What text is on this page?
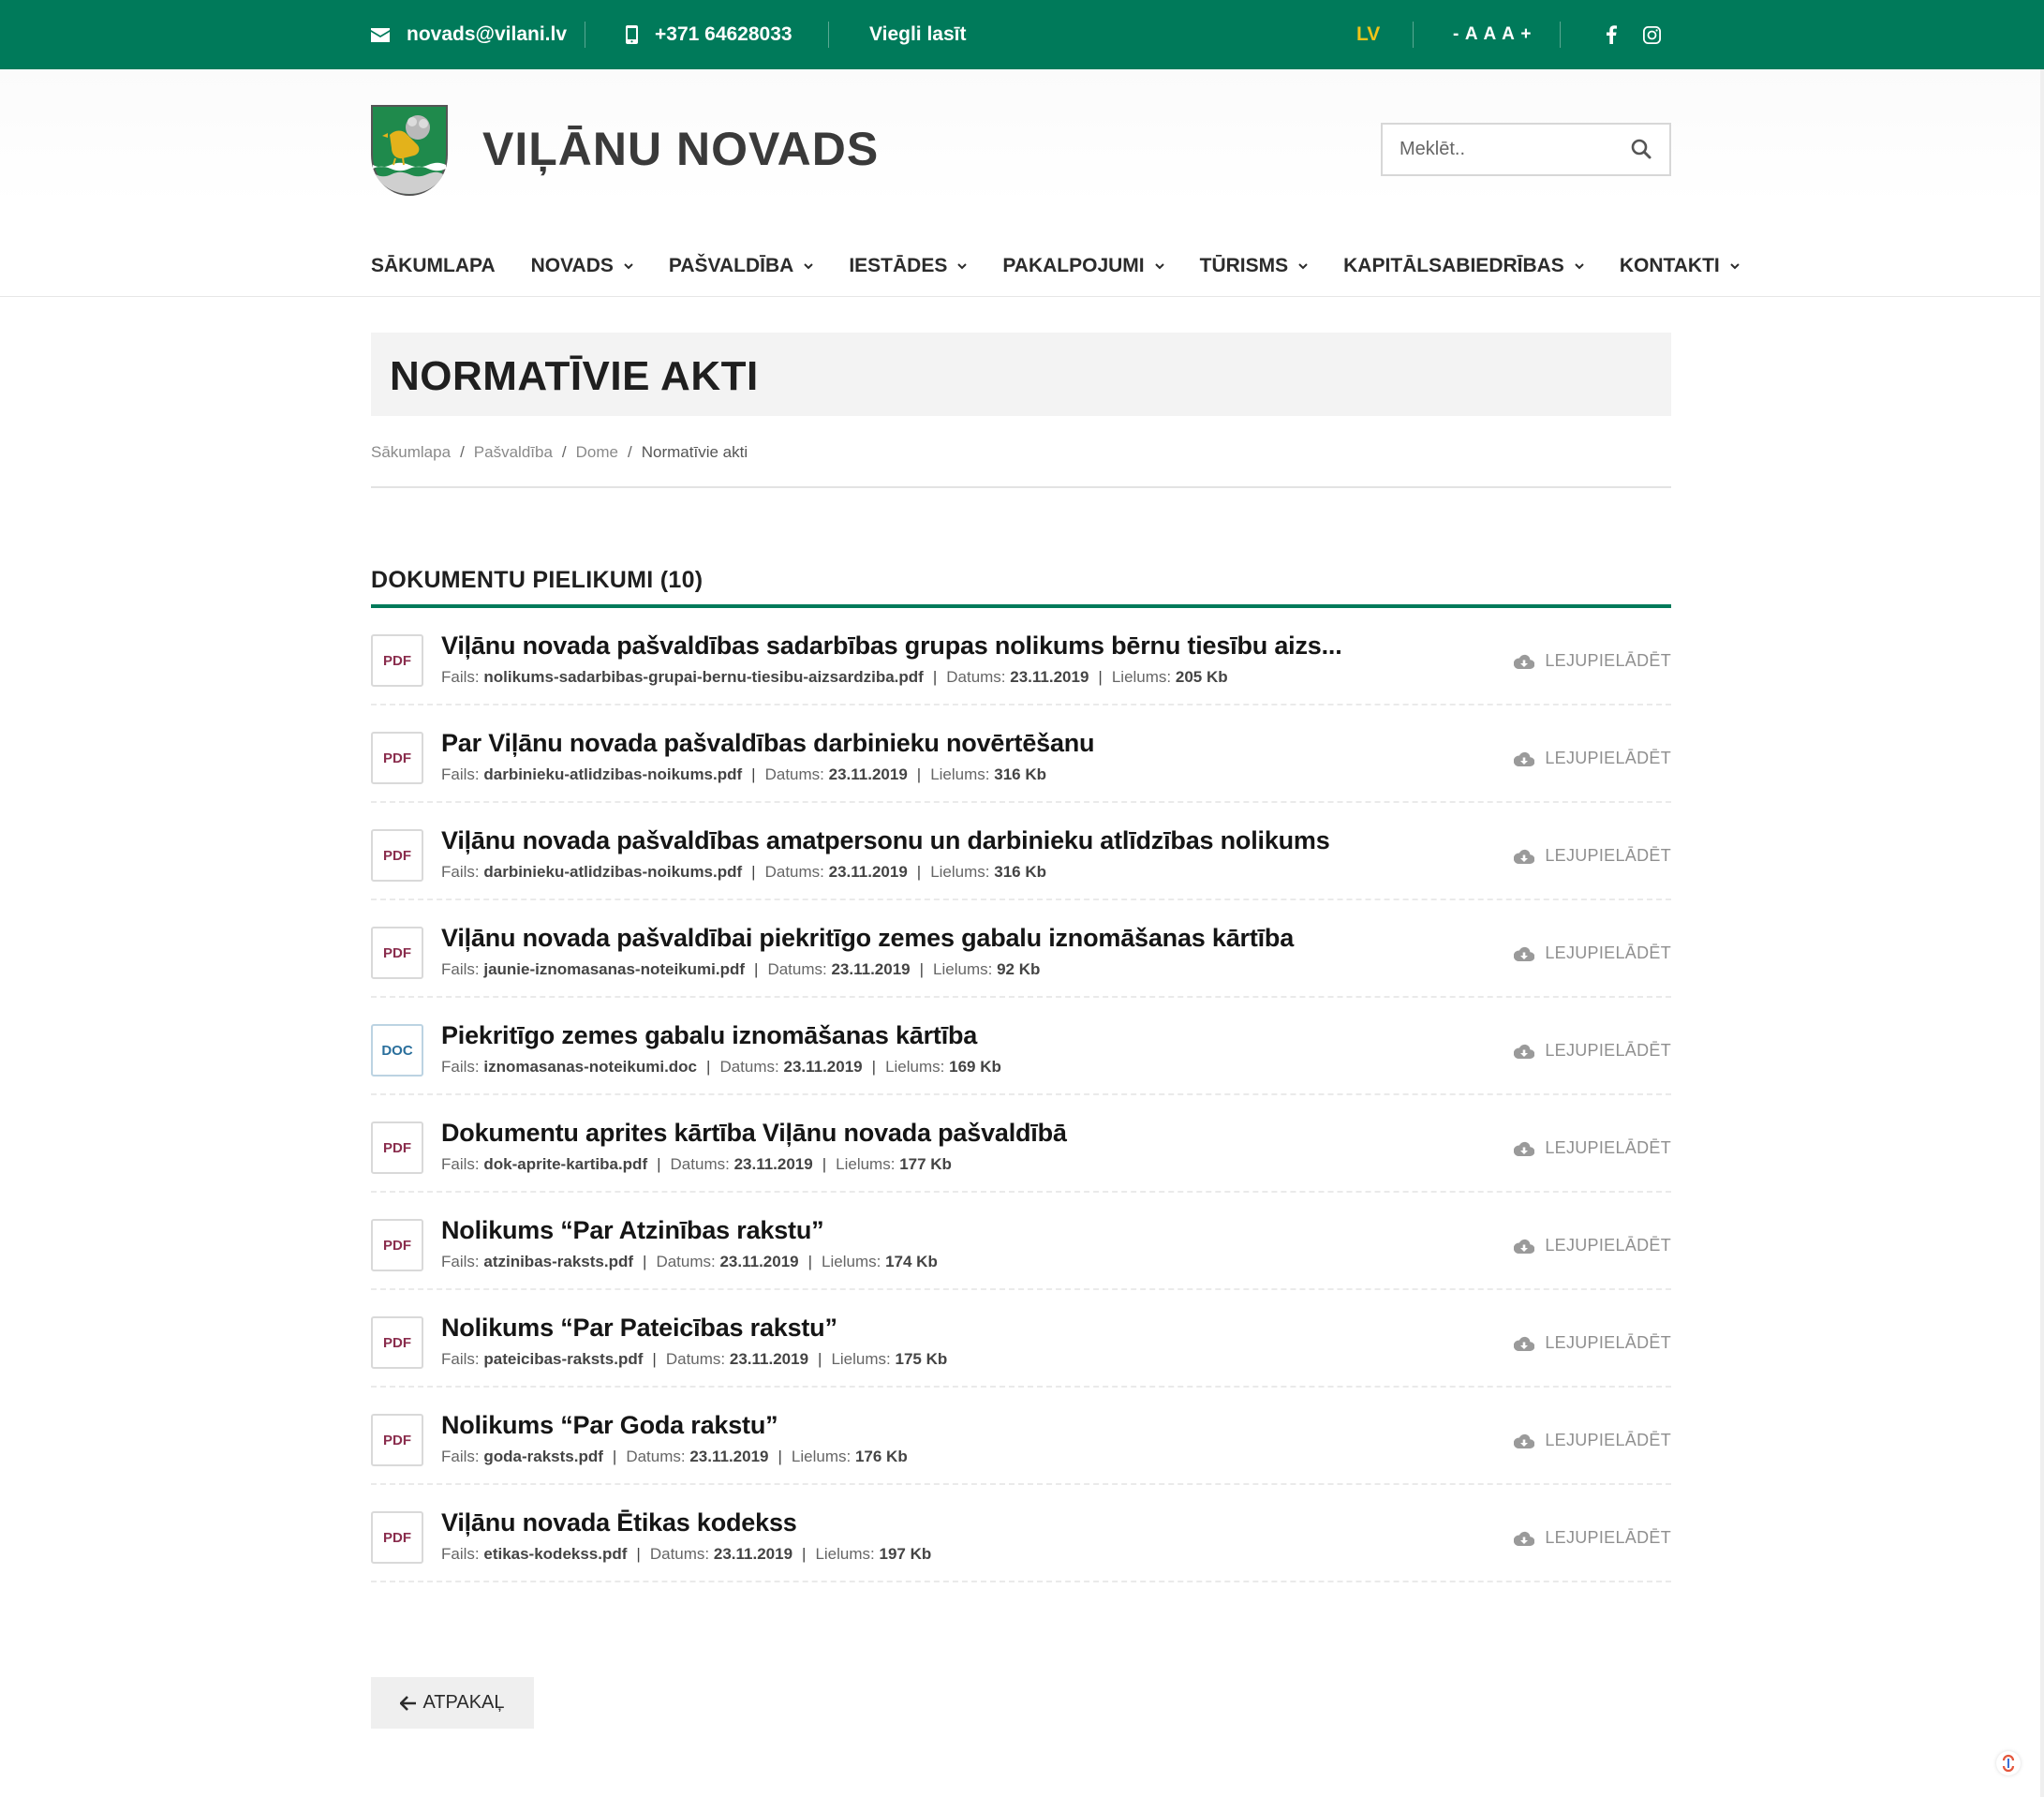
novads@vilani.lv	+371 64628033	Viegli lasīt	LV	- A A A +
VIĻĀNU NOVADS
Meklēt..
SĀKUMLAPA NOVADS	PAŠVALDĪBA	IESTĀDES	PAKALPOJUMI	TŪRISMS	KAPITĀLSABIEDRĪBAS	KONTAKTI
NORMATĪVIE AKTI
Sākumlapa / Pašvaldība / Dome / Normatīvie akti
DOKUMENTU PIELIKUMI (10)
PDF
Viļānu novada pašvaldības sadarbības grupas nolikums bērnu tiesību aizs...
Fails: nolikums-sadarbibas-grupai-bernu-tiesibu-aizsardziba.pdf | Datums: 23.11.2019 | Lielums: 205 Kb
LEJUPIELĀDĒT
PDF
Par Viļānu novada pašvaldības darbinieku novērtēšanu
Fails: darbinieku-atlidzibas-noikums.pdf | Datums: 23.11.2019 | Lielums: 316 Kb
LEJUPIELĀDĒT
PDF
Viļānu novada pašvaldības amatpersonu un darbinieku atlīdzības nolikums
Fails: darbinieku-atlidzibas-noikums.pdf | Datums: 23.11.2019 | Lielums: 316 Kb
LEJUPIELĀDĒT
PDF
Viļānu novada pašvaldībai piekritīgo zemes gabalu iznomāšanas kārtība
Fails: jaunie-iznomasanas-noteikumi.pdf | Datums: 23.11.2019 | Lielums: 92 Kb
LEJUPIELĀDĒT
DOC
Piekritīgo zemes gabalu iznomāšanas kārtība
Fails: iznomasanas-noteikumi.doc | Datums: 23.11.2019 | Lielums: 169 Kb
LEJUPIELĀDĒT
PDF
Dokumentu aprites kārtība Viļānu novada pašvaldībā
Fails: dok-aprite-kartiba.pdf | Datums: 23.11.2019 | Lielums: 177 Kb
LEJUPIELĀDĒT
PDF
Nolikums “Par Atzinības rakstu”
Fails: atzinibas-raksts.pdf | Datums: 23.11.2019 | Lielums: 174 Kb
LEJUPIELĀDĒT
PDF
Nolikums “Par Pateicības rakstu”
Fails: pateicibas-raksts.pdf | Datums: 23.11.2019 | Lielums: 175 Kb
LEJUPIELĀDĒT
PDF
Nolikums “Par Goda rakstu”
Fails: goda-raksts.pdf | Datums: 23.11.2019 | Lielums: 176 Kb
LEJUPIELĀDĒT
PDF
Viļānu novada Ētikas kodekss
Fails: etikas-kodekss.pdf | Datums: 23.11.2019 | Lielums: 197 Kb
LEJUPIELĀDĒT
ATPAKAĻ
